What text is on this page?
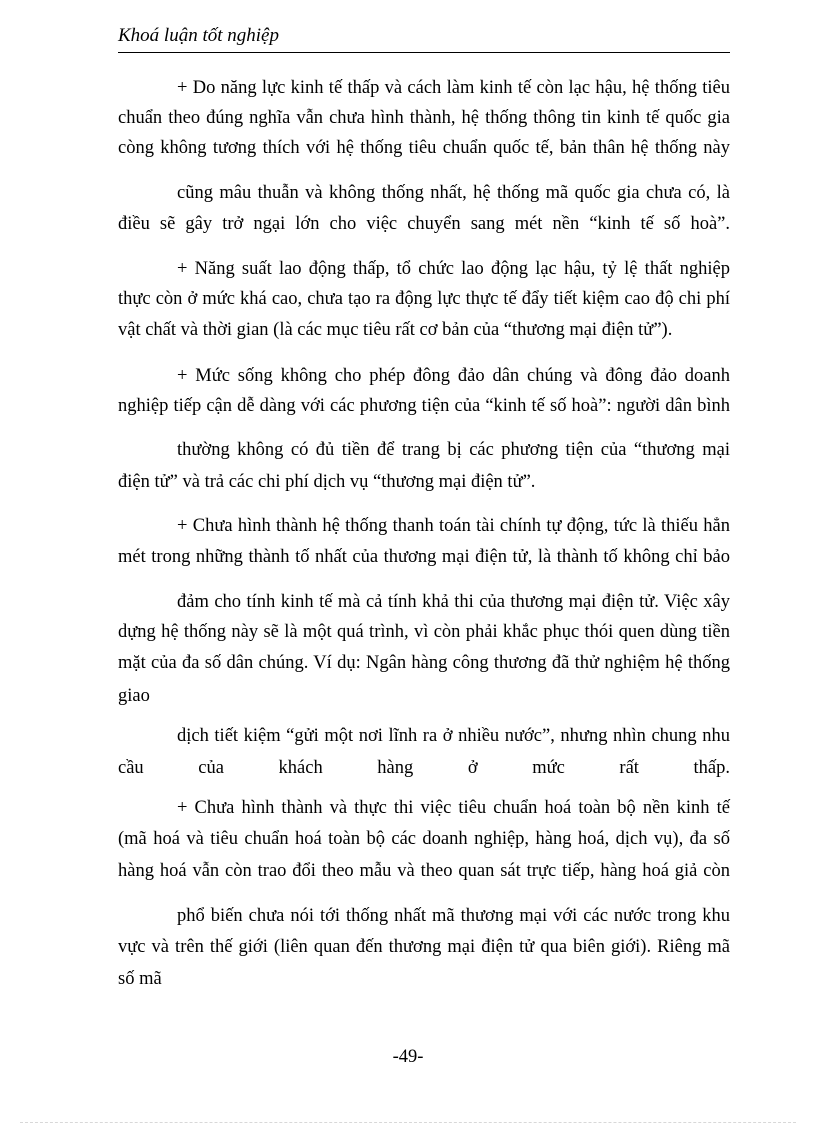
Khoá luận tốt nghiệp
+ Do năng lực kinh tế thấp và cách làm kinh tế còn lạc hậu, hệ thống tiêu
chuẩn theo đúng nghĩa vẫn chưa hình thành, hệ thống thông tin kinh tế quốc gia
còng không tương thích với hệ thống tiêu chuẩn quốc tế, bản thân hệ thống này
cũng mâu thuẫn và không thống nhất, hệ thống mã quốc gia chưa có, là
điều sẽ gây trở ngại lớn cho việc chuyển sang mét nền “kinh tế số hoà”.
+ Năng suất lao động thấp, tổ chức lao động lạc hậu, tỷ lệ thất nghiệp
thực còn ở mức khá cao, chưa tạo ra động lực thực tế đẩy tiết kiệm cao độ chi phí
vật chất và thời gian (là các mục tiêu rất cơ bản của “thương mại điện tử”).
+ Mức sống không cho phép đông đảo dân chúng và đông đảo doanh
nghiệp tiếp cận dễ dàng với các phương tiện của “kinh tế số hoà”: người dân bình
thường không có đủ tiền để trang bị các phương tiện của “thương mại
điện tử” và trả các chi phí dịch vụ “thương mại điện tử”.
+ Chưa hình thành hệ thống thanh toán tài chính tự động, tức là thiếu hẳn
mét trong những thành tố nhất của thương mại điện tử, là thành tố không chỉ bảo
đảm cho tính kinh tế mà cả tính khả thi của thương mại điện tử. Việc xây
dựng hệ thống này sẽ là một quá trình, vì còn phải khắc phục thói quen dùng tiền
mặt của đa số dân chúng. Ví dụ: Ngân hàng công thương đã thử nghiệm hệ thống
giao
dịch tiết kiệm “gửi một nơi lĩnh ra ở nhiều nước”, nhưng nhìn chung nhu
cầu của khách hàng ở mức rất thấp.
+ Chưa hình thành và thực thi việc tiêu chuẩn hoá toàn bộ nền kinh tế
(mã hoá và tiêu chuẩn hoá toàn bộ các doanh nghiệp, hàng hoá, dịch vụ), đa số
hàng hoá vẫn còn trao đổi theo mẫu và theo quan sát trực tiếp, hàng hoá giả còn
phổ biến chưa nói tới thống nhất mã thương mại với các nước trong khu
vực và trên thế giới (liên quan đến thương mại điện tử qua biên giới). Riêng mã
số mã
-49-
